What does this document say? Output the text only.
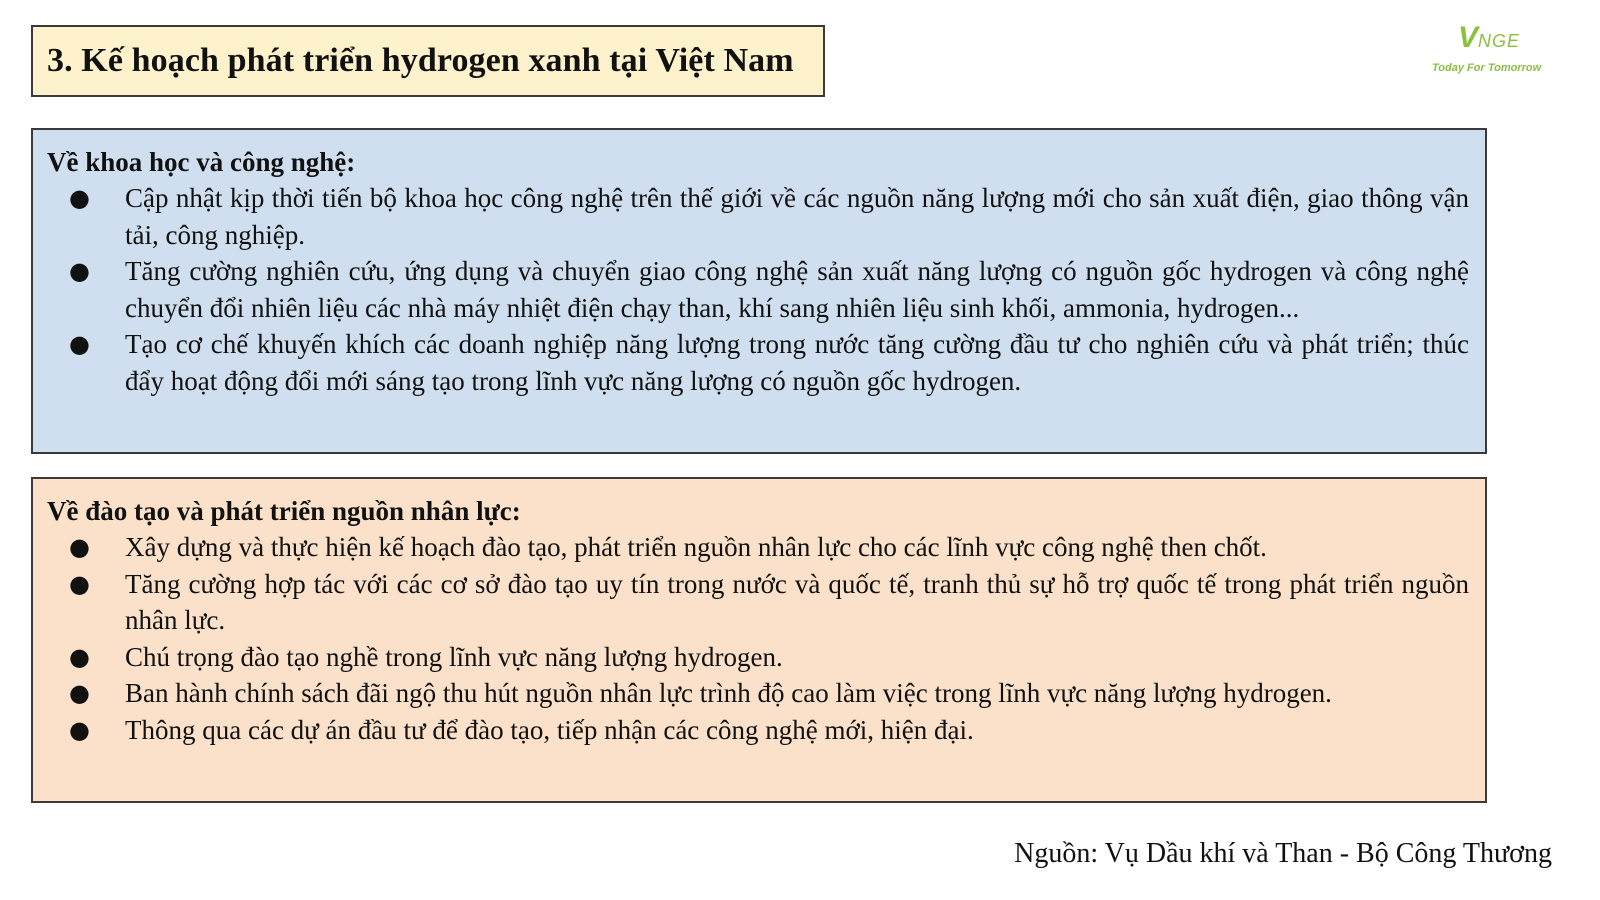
3. Kế hoạch phát triển hydrogen xanh tại Việt Nam
VNGE
Today For Tomorrow
Về khoa học và công nghệ:
● Cập nhật kịp thời tiến bộ khoa học công nghệ trên thế giới về các nguồn năng lượng mới cho sản xuất điện, giao thông vận tải, công nghiệp.
● Tăng cường nghiên cứu, ứng dụng và chuyển giao công nghệ sản xuất năng lượng có nguồn gốc hydrogen và công nghệ chuyển đổi nhiên liệu các nhà máy nhiệt điện chạy than, khí sang nhiên liệu sinh khối, ammonia, hydrogen...
● Tạo cơ chế khuyến khích các doanh nghiệp năng lượng trong nước tăng cường đầu tư cho nghiên cứu và phát triển; thúc đẩy hoạt động đổi mới sáng tạo trong lĩnh vực năng lượng có nguồn gốc hydrogen.
Về đào tạo và phát triển nguồn nhân lực:
● Xây dựng và thực hiện kế hoạch đào tạo, phát triển nguồn nhân lực cho các lĩnh vực công nghệ then chốt.
● Tăng cường hợp tác với các cơ sở đào tạo uy tín trong nước và quốc tế, tranh thủ sự hỗ trợ quốc tế trong phát triển nguồn nhân lực.
● Chú trọng đào tạo nghề trong lĩnh vực năng lượng hydrogen.
● Ban hành chính sách đãi ngộ thu hút nguồn nhân lực trình độ cao làm việc trong lĩnh vực năng lượng hydrogen.
● Thông qua các dự án đầu tư để đào tạo, tiếp nhận các công nghệ mới, hiện đại.
Nguồn: Vụ Dầu khí và Than - Bộ Công Thương
